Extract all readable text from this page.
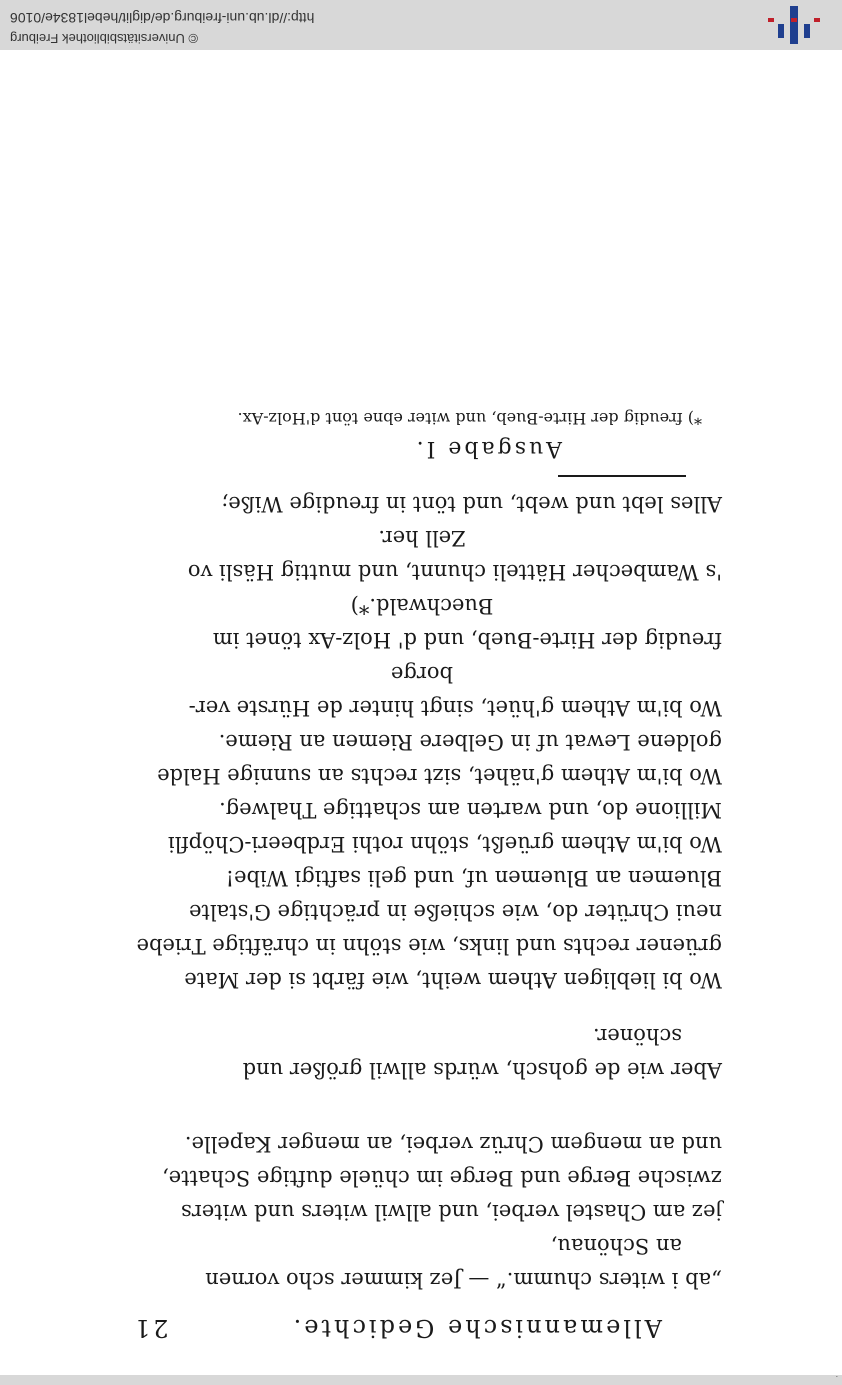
.
Allemannische Gedichte.
21
„ab i witers chumm.“ — Jez kimmer scho vornen
an Schönau,
jez am Chastel verbei, und allwil witers und witers
zwische Berge und Berge im chüele duftige Schatte,
und an mengem Chrüz verbei, an menger Kapelle.
Aber wie de gohsch, würds allwil größer und
schöner.
Wo bi liebligen Athem weiht, wie färbt si der Mate
grüener rechts und links, wie stöhn in chräftige Triebe
neui Chrüter do, wie schieße in prächtige G'stalte
Bluemen an Bluemen uf, und geli saftigi Wibe!
Wo bi'm Athem grüeßt, stöhn rothi Erdbeeri-Chöpfli
Millione do, und warten am schattige Thalweg.
Wo bi'm Athem g'nähet, sizt rechts an sunnige Halde
goldene Lewat uf in Gelbere Riemen an Rieme.
Wo bi'm Athem g'hüet, singt hinter de Hürste ver-
borge
freudig der Hirte-Bueb, und d' Holz-Ax tönet im
Buechwald.*)
's Wambecher Hätteli chunnt, und muttig Häsli vo
Zell her.
Alles lebt und webt, und tönt in freudige Wiße;
Ausgabe I.
*) freudig der Hirte-Bueb, und witer ebne tönt d'Holz-Ax.
© Universitätsbibliothek Freiburg
http://dl.ub.uni-freiburg.de/diglit/hebel1834e/0106
